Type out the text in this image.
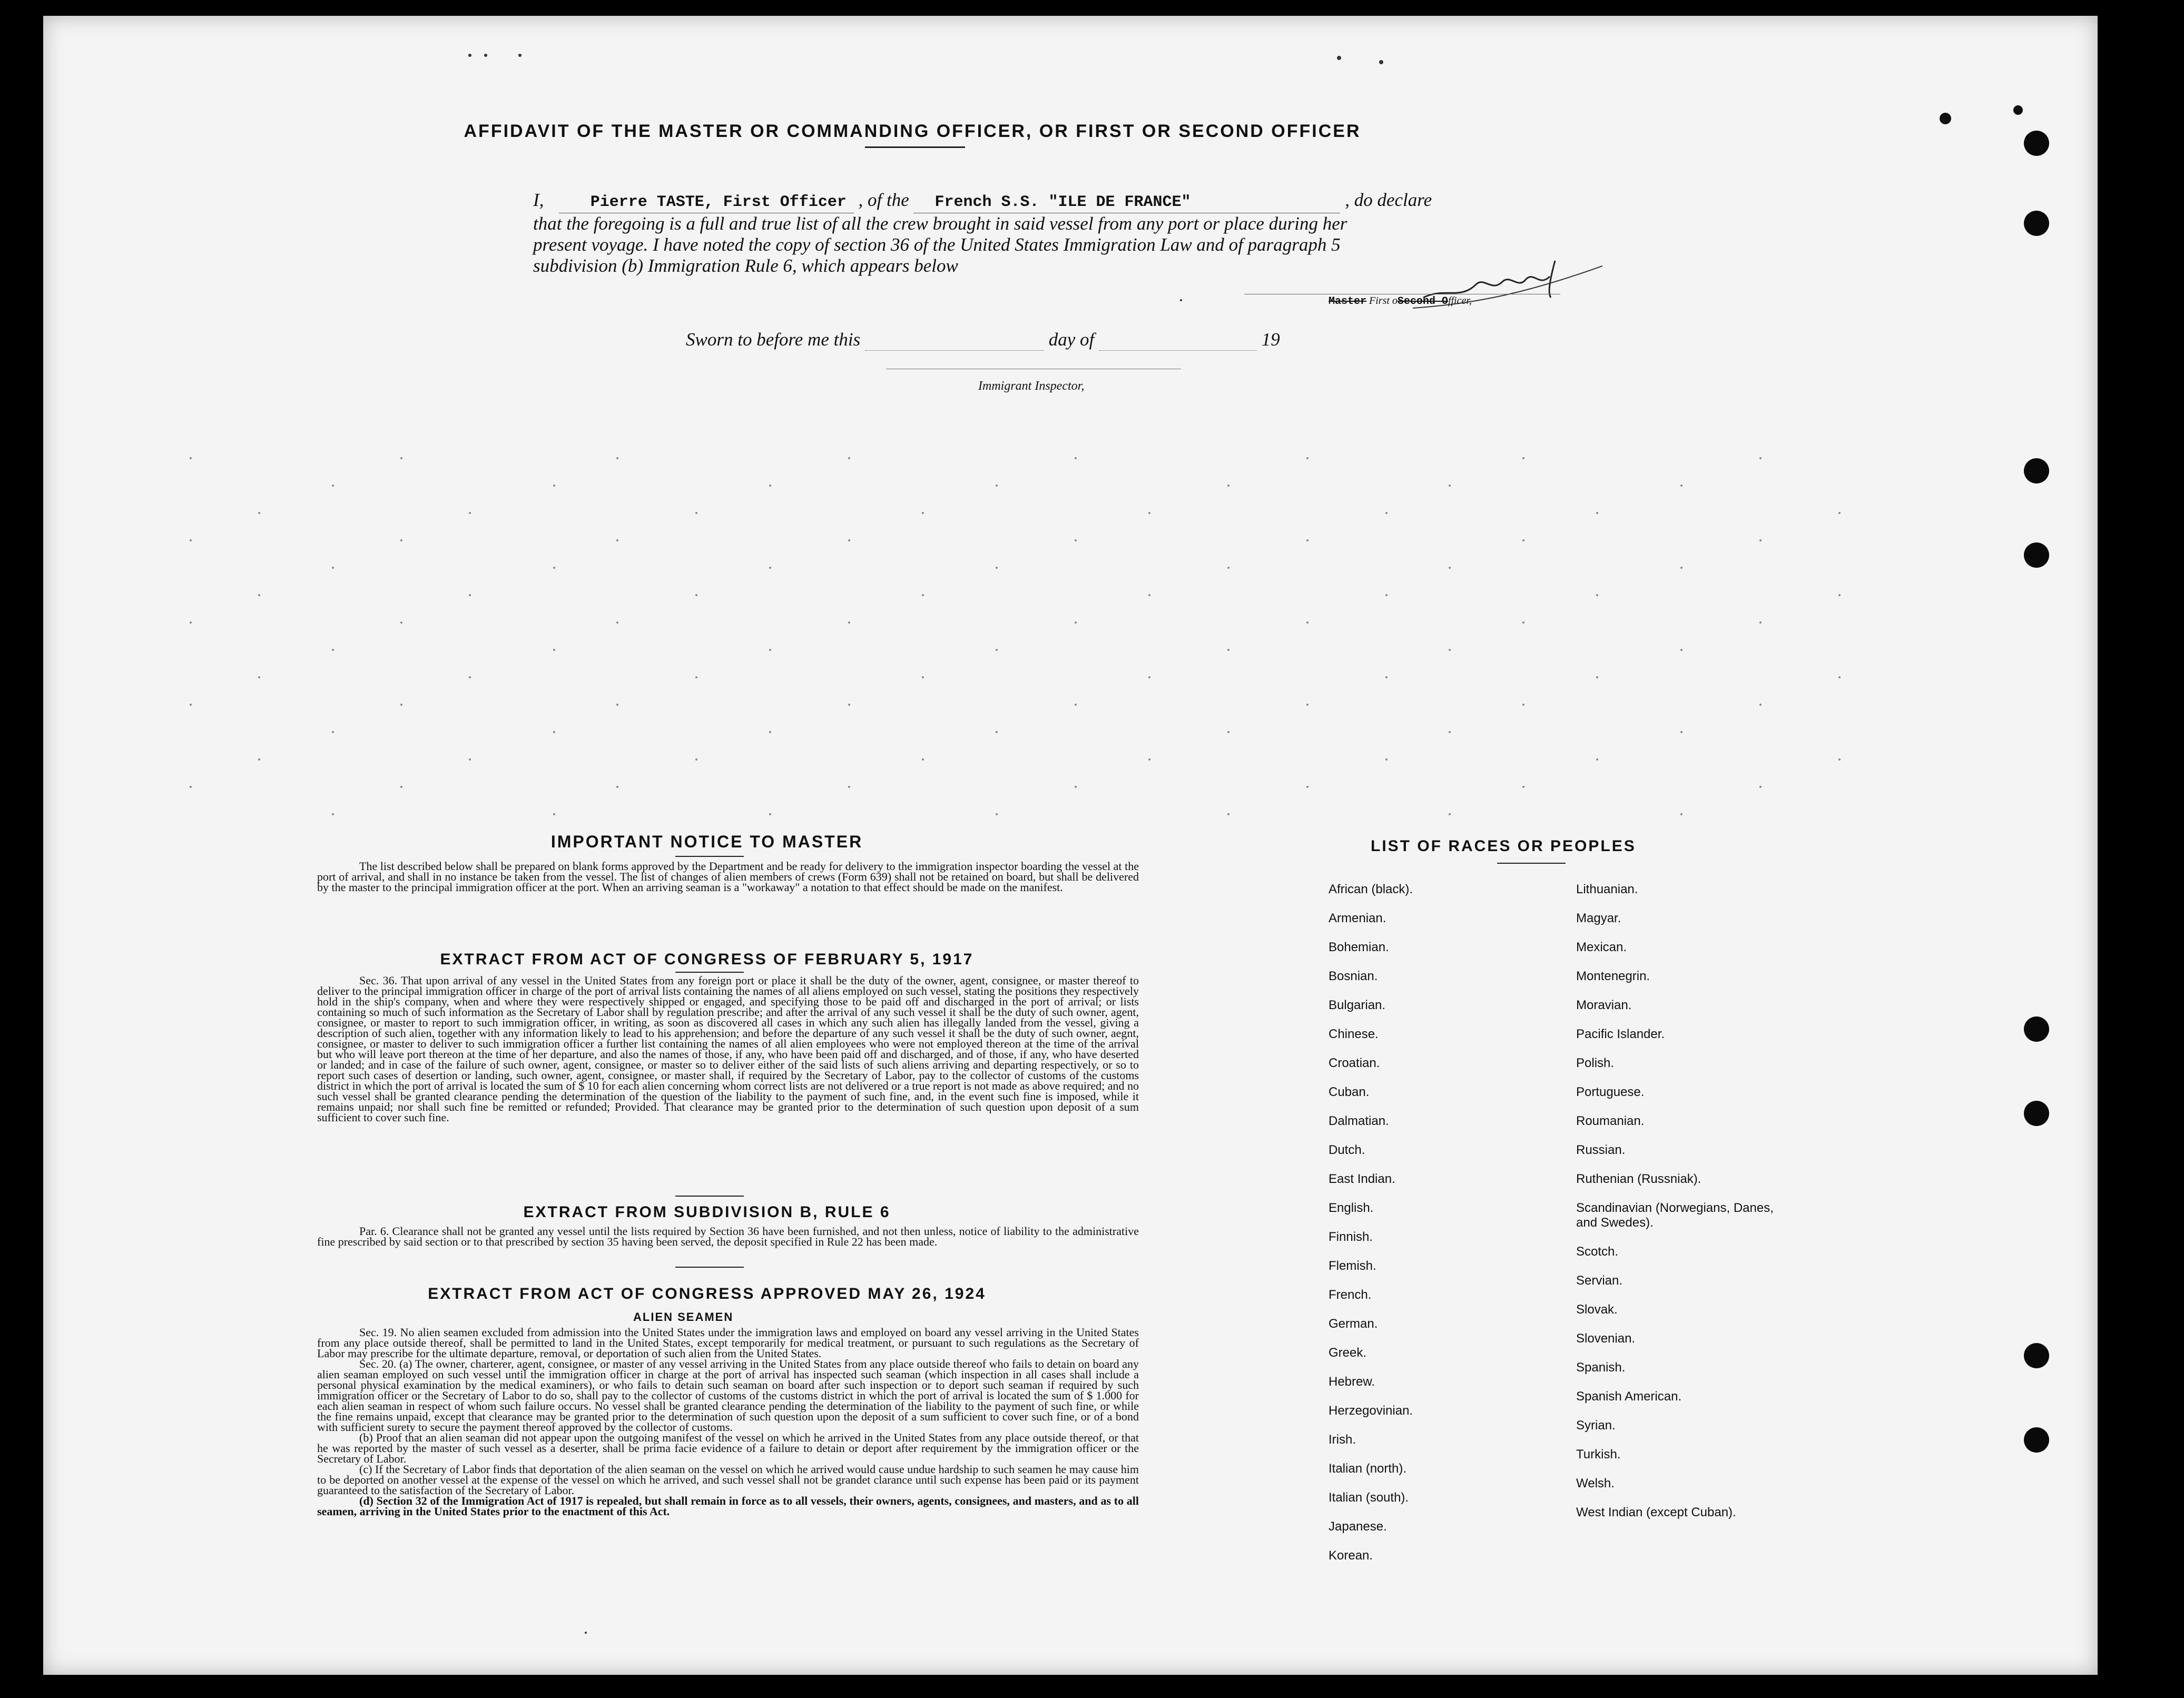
AFFIDAVIT OF THE MASTER OR COMMANDING OFFICER, OR FIRST OR SECOND OFFICER
I,	Pierre TASTE, First Officer , of the French S.S. "ILE DE FRANCE"	, do declare
that the foregoing is a full and true list of all the crew brought in said vessel from any port or place during her
present voyage. I have noted the copy of section 36 of the United States Immigration Law and of paragraph 5
subdivision (b) Immigration Rule 6, which appears below
Master First oSecond Officer,
Sworn to before me this	day of	19
Immigrant Inspector,
IMPORTANT NOTICE TO MASTER

The list described below shall be prepared on blank forms approved by the Department and be ready for delivery to the immigration inspector boarding the vessel at the port of arrival, and shall in no instance be taken from the vessel. The list of changes of alien members of crews (Form 639) shall not be retained on board, but shall be delivered by the master to the principal immigration officer at the port. When an arriving seaman is a "workaway" a notation to that effect should be made on the manifest.

EXTRACT FROM ACT OF CONGRESS OF FEBRUARY 5, 1917

Sec. 36. That upon arrival of any vessel in the United States from any foreign port or place it shall be the duty of the owner, agent, consignee, or master thereof to deliver to the principal immigration officer in charge of the port of arrival lists containing the names of all aliens employed on such vessel, stating the positions they respectively hold in the ship's company, when and where they were respectively shipped or engaged, and specifying those to be paid off and discharged in the port of arrival; or lists containing so much of such information as the Secretary of Labor shall by regulation prescribe; and after the arrival of any such vessel it shall be the duty of such owner, agent, consignee, or master to report to such immigration officer, in writing, as soon as discovered all cases in which any such alien has illegally landed from the vessel, giving a description of such alien, together with any information likely to lead to his apprehension; and before the departure of any such vessel it shall be the duty of such owner, aegnt, consignee, or master to deliver to such immigration officer a further list containing the names of all alien employees who were not employed thereon at the time of the arrival but who will leave port thereon at the time of her departure, and also the names of those, if any, who have been paid off and discharged, and of those, if any, who have deserted or landed; and in case of the failure of such owner, agent, consignee, or master so to deliver either of the said lists of such aliens arriving and departing respectively, or so to report such cases of desertion or landing, such owner, agent, consignee, or master shall, if required by the Secretary of Labor, pay to the collector of customs of the customs district in which the port of arrival is located the sum of $ 10 for each alien concerning whom correct lists are not delivered or a true report is not made as above required; and no such vessel shall be granted clearance pending the determination of the question of the liability to the payment of such fine, and, in the event such fine is imposed, while it remains unpaid; nor shall such fine be remitted or refunded; Provided. That clearance may be granted prior to the determination of such question upon deposit of a sum sufficient to cover such fine.

EXTRACT FROM SUBDIVISION B, RULE 6

Par. 6. Clearance shall not be granted any vessel until the lists required by Section 36 have been furnished, and not then unless, notice of liability to the administrative fine prescribed by said section or to that prescribed by section 35 having been served, the deposit specified in Rule 22 has been made.

EXTRACT FROM ACT OF CONGRESS APPROVED MAY 26, 1924
ALIEN SEAMEN

Sec. 19. No alien seamen excluded from admission into the United States under the immigration laws and employed on board any vessel arriving in the United States from any place outside thereof, shall be permitted to land in the United States, except temporarily for medical treatment, or pursuant to such regulations as the Secretary of Labor may prescribe for the ultimate departure, removal, or deportation of such alien from the United States.

Sec. 20. (a) The owner, charterer, agent, consignee, or master of any vessel arriving in the United States from any place outside thereof who fails to detain on board any alien seaman employed on such vessel until the immigration officer in charge at the port of arrival has inspected such seaman (which inspection in all cases shall include a personal physical examination by the medical examiners), or who fails to detain such seaman on board after such inspection or to deport such seaman if required by such immigration officer or the Secretary of Labor to do so, shall pay to the collector of customs of the customs district in which the port of arrival is located the sum of $ 1.000 for each alien seaman in respect of whom such failure occurs. No vessel shall be granted clearance pending the determination of the liability to the payment of such fine, or while the fine remains unpaid, except that clearance may be granted prior to the determination of such question upon the deposit of a sum sufficient to cover such fine, or of a bond with sufficient surety to secure the payment thereof approved by the collector of customs.

(b) Proof that an alien seaman did not appear upon the outgoing manifest of the vessel on which he arrived in the United States from any place outside thereof, or that he was reported by the master of such vessel as a deserter, shall be prima facie evidence of a failure to detain or deport after requirement by the immigration officer or the Secretary of Labor.

(c) If the Secretary of Labor finds that deportation of the alien seaman on the vessel on which he arrived would cause undue hardship to such seamen he may cause him to be deported on another vessel at the expense of the vessel on which he arrived, and such vessel shall not be grandet clarance until such expense has been paid or its payment guaranteed to the satisfaction of the Secretary of Labor.

(d) Section 32 of the Immigration Act of 1917 is repealed, but shall remain in force as to all vessels, their owners, agents, consignees, and masters, and as to all seamen, arriving in the United States prior to the enactment of this Act.

LIST OF RACES OR PEOPLES
African (black).
Armenian.
Bohemian.
Bosnian.
Bulgarian.
Chinese.
Croatian.
Cuban.
Dalmatian.
Dutch.
East Indian.
English.
Finnish.
Flemish.
French.
German.
Greek.
Hebrew.
Herzegovinian.
Irish.
Italian (north).
Italian (south).
Japanese.
Korean.
Lithuanian.
Magyar.
Mexican.
Montenegrin.
Moravian.
Pacific Islander.
Polish.
Portuguese.
Roumanian.
Russian.
Ruthenian (Russniak).
Scandinavian (Norwegians, Danes, and Swedes).
Scotch.
Servian.
Slovak.
Slovenian.
Spanish.
Spanish American.
Syrian.
Turkish.
Welsh.
West Indian (except Cuban).
